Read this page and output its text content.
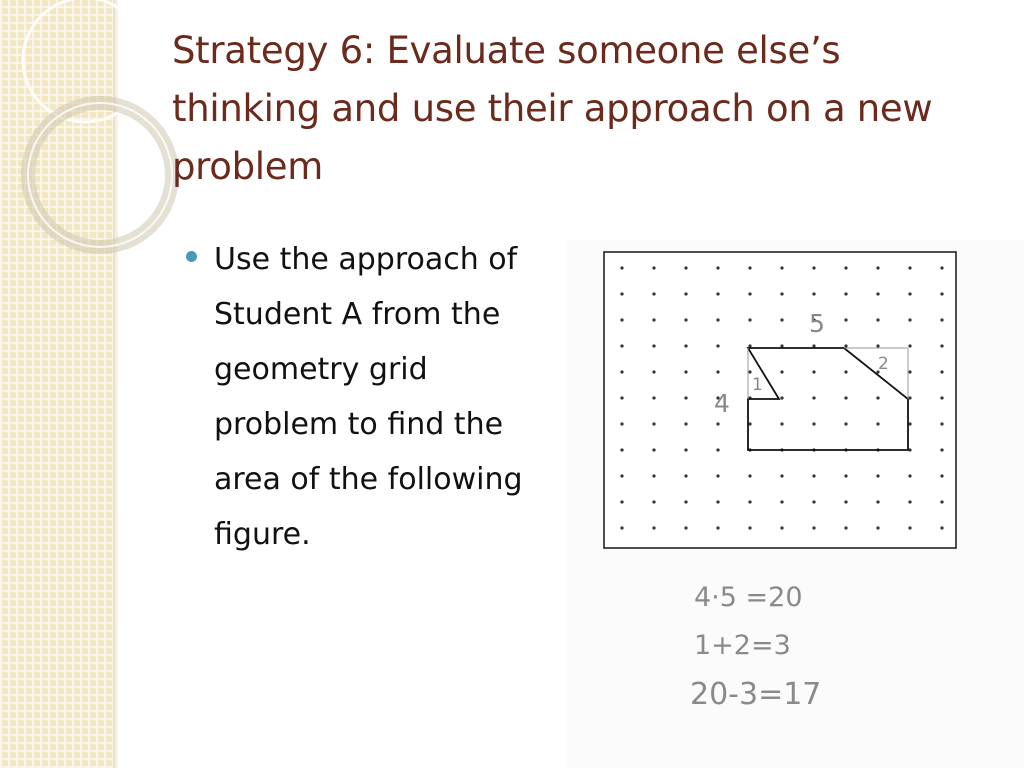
Strategy 6: Evaluate someone else’s thinking and use their approach on a new problem
Use the approach of Student A from the geometry grid problem to find the area of the following figure.
5
2
1
4
4·5 =20
1+2=3
20-3=17
